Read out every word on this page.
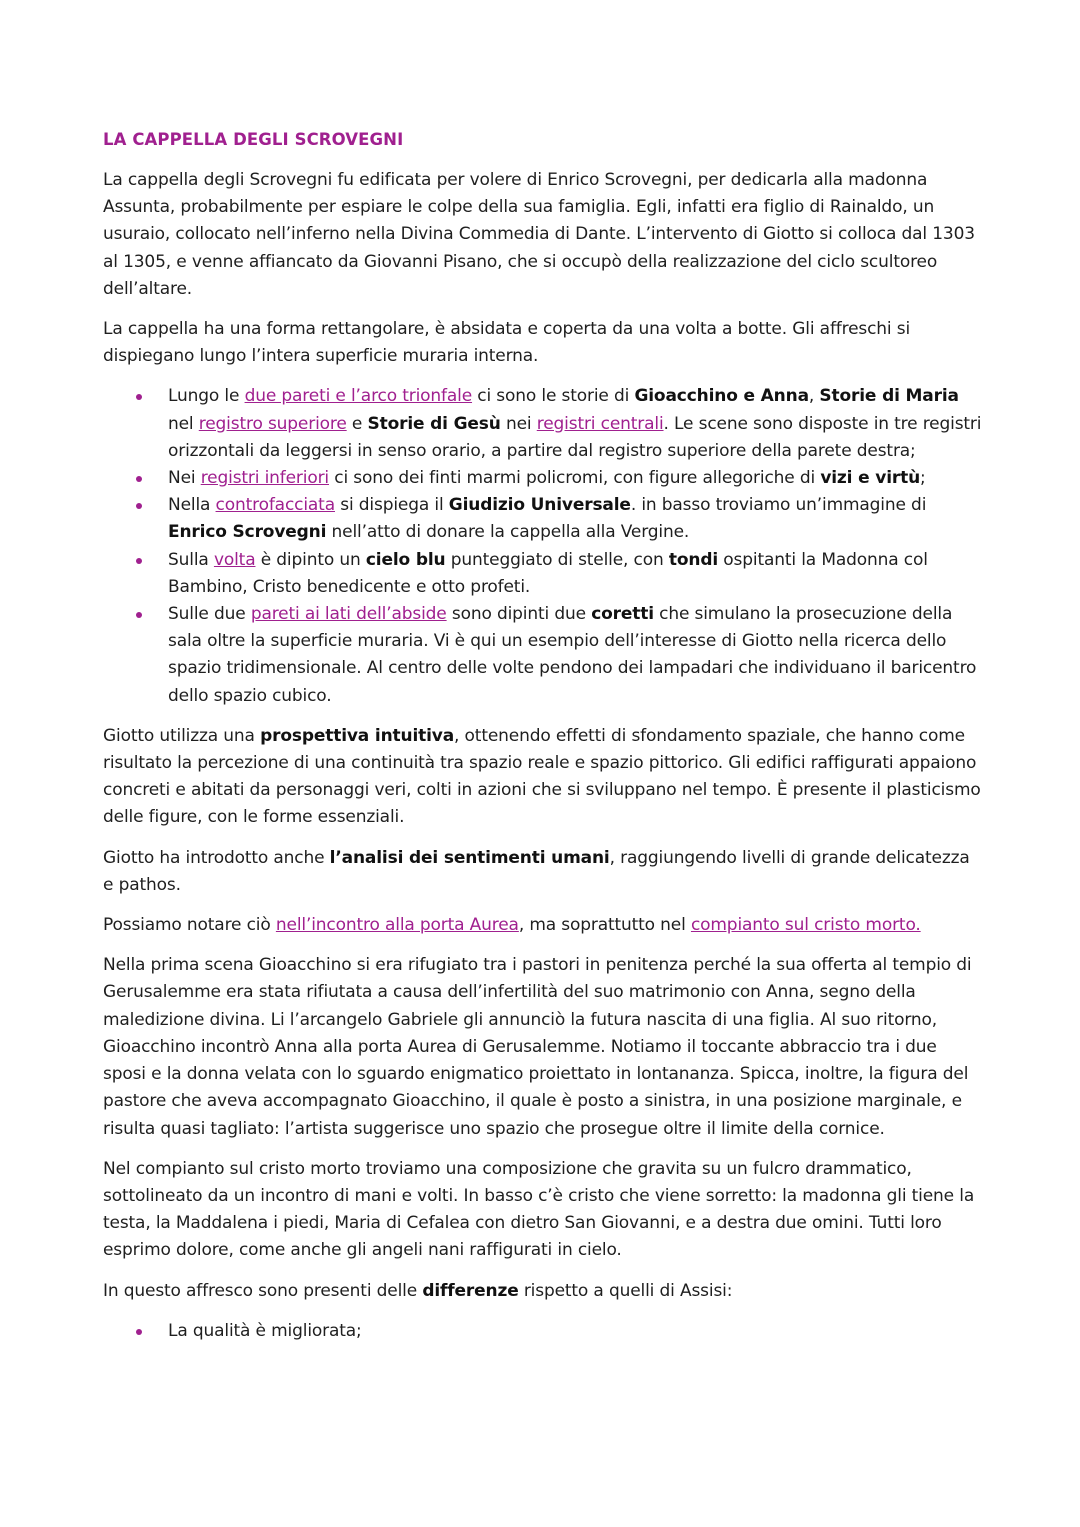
LA CAPPELLA DEGLI SCROVEGNI

La cappella degli Scrovegni fu edificata per volere di Enrico Scrovegni, per dedicarla alla madonna Assunta, probabilmente per espiare le colpe della sua famiglia. Egli, infatti era figlio di Rainaldo, un usuraio, collocato nell’inferno nella Divina Commedia di Dante. L’intervento di Giotto si colloca dal 1303 al 1305, e venne affiancato da Giovanni Pisano, che si occupò della realizzazione del ciclo scultoreo dell’altare.

La cappella ha una forma rettangolare, è absidata e coperta da una volta a botte. Gli affreschi si dispiegano lungo l’intera superficie muraria interna.

Lungo le due pareti e l’arco trionfale ci sono le storie di Gioacchino e Anna, Storie di Maria nel registro superiore e Storie di Gesù nei registri centrali. Le scene sono disposte in tre registri orizzontali da leggersi in senso orario, a partire dal registro superiore della parete destra;
Nei registri inferiori ci sono dei finti marmi policromi, con figure allegoriche di vizi e virtù;
Nella controfacciata si dispiega il Giudizio Universale. in basso troviamo un’immagine di Enrico Scrovegni nell’atto di donare la cappella alla Vergine.
Sulla volta è dipinto un cielo blu punteggiato di stelle, con tondi ospitanti la Madonna col Bambino, Cristo benedicente e otto profeti.
Sulle due pareti ai lati dell’abside sono dipinti due coretti che simulano la prosecuzione della sala oltre la superficie muraria. Vi è qui un esempio dell’interesse di Giotto nella ricerca dello spazio tridimensionale. Al centro delle volte pendono dei lampadari che individuano il baricentro dello spazio cubico.

Giotto utilizza una prospettiva intuitiva, ottenendo effetti di sfondamento spaziale, che hanno come risultato la percezione di una continuità tra spazio reale e spazio pittorico. Gli edifici raffigurati appaiono concreti e abitati da personaggi veri, colti in azioni che si sviluppano nel tempo. È presente il plasticismo delle figure, con le forme essenziali.

Giotto ha introdotto anche l’analisi dei sentimenti umani, raggiungendo livelli di grande delicatezza e pathos.

Possiamo notare ciò nell’incontro alla porta Aurea, ma soprattutto nel compianto sul cristo morto.

Nella prima scena Gioacchino si era rifugiato tra i pastori in penitenza perché la sua offerta al tempio di Gerusalemme era stata rifiutata a causa dell’infertilità del suo matrimonio con Anna, segno della maledizione divina. Li l’arcangelo Gabriele gli annunciò la futura nascita di una figlia. Al suo ritorno, Gioacchino incontrò Anna alla porta Aurea di Gerusalemme. Notiamo il toccante abbraccio tra i due sposi e la donna velata con lo sguardo enigmatico proiettato in lontananza. Spicca, inoltre, la figura del pastore che aveva accompagnato Gioacchino, il quale è posto a sinistra, in una posizione marginale, e risulta quasi tagliato: l’artista suggerisce uno spazio che prosegue oltre il limite della cornice.

Nel compianto sul cristo morto troviamo una composizione che gravita su un fulcro drammatico, sottolineato da un incontro di mani e volti. In basso c’è cristo che viene sorretto: la madonna gli tiene la testa, la Maddalena i piedi, Maria di Cefalea con dietro San Giovanni, e a destra due omini. Tutti loro esprimo dolore, come anche gli angeli nani raffigurati in cielo.

In questo affresco sono presenti delle differenze rispetto a quelli di Assisi:

La qualità è migliorata;
